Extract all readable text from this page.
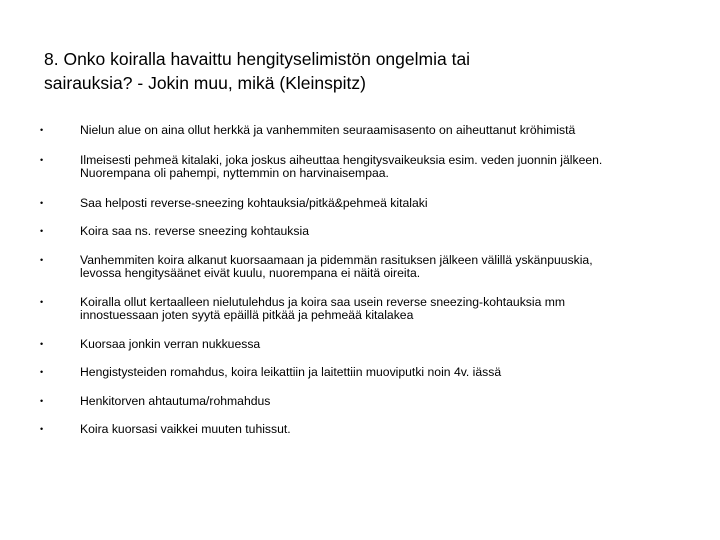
8. Onko koiralla havaittu hengityselimistön ongelmia tai
sairauksia? - Jokin muu, mikä (Kleinspitz)
•	Nielun alue on aina ollut herkkä ja vanhemmiten seuraamisasento on aiheuttanut kröhimistä
•	Ilmeisesti pehmeä kitalaki, joka joskus aiheuttaa hengitysvaikeuksia esim. veden juonnin jälkeen.
Nuorempana oli pahempi, nyttemmin on harvinaisempaa.
•	Saa helposti reverse-sneezing kohtauksia/pitkä&pehmeä kitalaki
•	Koira saa ns. reverse sneezing kohtauksia
•	Vanhemmiten koira alkanut kuorsaamaan ja pidemmän rasituksen jälkeen välillä yskänpuuskia,
levossa hengitysäänet eivät kuulu, nuorempana ei näitä oireita.
•	Koiralla ollut kertaalleen nielutulehdus ja koira saa usein reverse sneezing-kohtauksia mm
innostuessaan joten syytä epäillä pitkää ja pehmeää kitalakea
•	Kuorsaa jonkin verran nukkuessa
•	Hengistysteiden romahdus, koira leikattiin ja laitettiin muoviputki noin 4v. iässä
•	Henkitorven ahtautuma/rohmahdus
•	Koira kuorsasi vaikkei muuten tuhissut.
